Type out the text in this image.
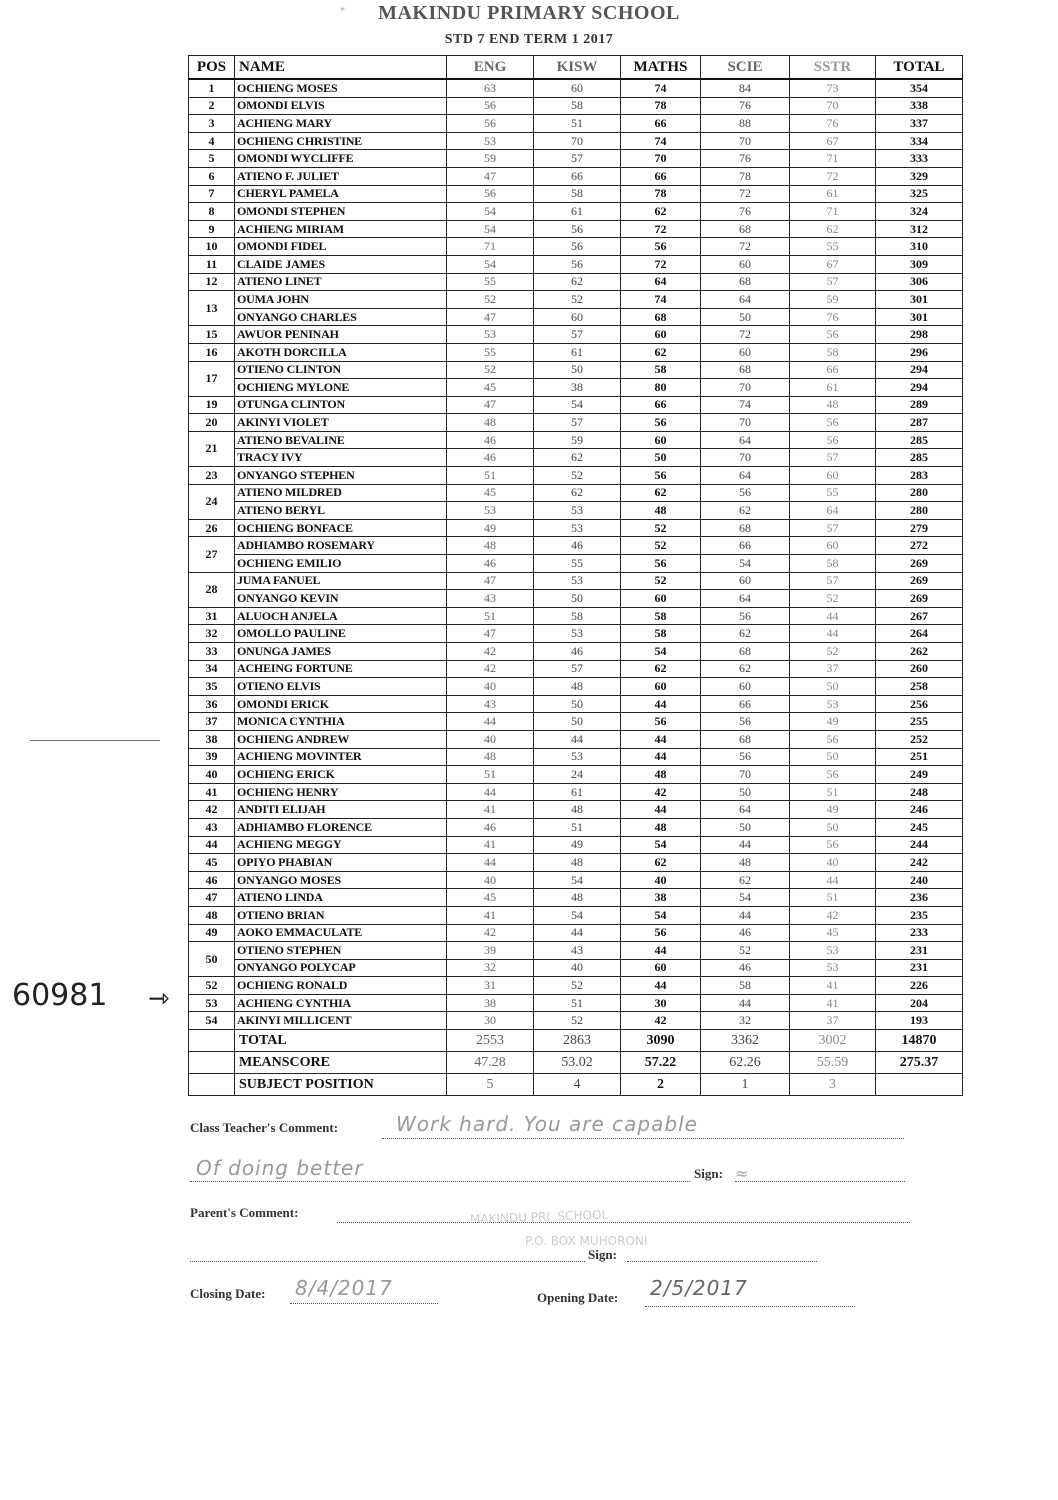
*	MAKINDU PRIMARY SCHOOL
STD 7 END TERM 1 2017
POS	NAME	ENG	KISW	MATHS	SCIE	SSTR	TOTAL
1	OCHIENG MOSES	63	60	74	84	73	354
2	OMONDI ELVIS	56	58	78	76	70	338
3	ACHIENG MARY	56	51	66	88	76	337
4	OCHIENG CHRISTINE	53	70	74	70	67	334
5	OMONDI WYCLIFFE	59	57	70	76	71	333
6	ATIENO F. JULIET	47	66	66	78	72	329
7	CHERYL PAMELA	56	58	78	72	61	325
8	OMONDI STEPHEN	54	61	62	76	71	324
9	ACHIENG MIRIAM	54	56	72	68	62	312
10	OMONDI FIDEL	71	56	56	72	55	310
11	CLAIDE JAMES	54	56	72	60	67	309
12	ATIENO LINET	55	62	64	68	57	306
13	OUMA JOHN	52	52	74	64	59	301
	ONYANGO CHARLES	47	60	68	50	76	301
15	AWUOR PENINAH	53	57	60	72	56	298
16	AKOTH DORCILLA	55	61	62	60	58	296
17	OTIENO CLINTON	52	50	58	68	66	294
	OCHIENG MYLONE	45	38	80	70	61	294
19	OTUNGA CLINTON	47	54	66	74	48	289
20	AKINYI VIOLET	48	57	56	70	56	287
21	ATIENO BEVALINE	46	59	60	64	56	285
	TRACY IVY	46	62	50	70	57	285
23	ONYANGO STEPHEN	51	52	56	64	60	283
24	ATIENO MILDRED	45	62	62	56	55	280
	ATIENO BERYL	53	53	48	62	64	280
26	OCHIENG BONFACE	49	53	52	68	57	279
27	ADHIAMBO ROSEMARY	48	46	52	66	60	272
	OCHIENG EMILIO	46	55	56	54	58	269
28	JUMA FANUEL	47	53	52	60	57	269
	ONYANGO KEVIN	43	50	60	64	52	269
31	ALUOCH ANJELA	51	58	58	56	44	267
32	OMOLLO PAULINE	47	53	58	62	44	264
33	ONUNGA JAMES	42	46	54	68	52	262
34	ACHEING FORTUNE	42	57	62	62	37	260
35	OTIENO ELVIS	40	48	60	60	50	258
36	OMONDI ERICK	43	50	44	66	53	256
37	MONICA CYNTHIA	44	50	56	56	49	255
38	OCHIENG ANDREW	40	44	44	68	56	252
39	ACHIENG MOVINTER	48	53	44	56	50	251
40	OCHIENG ERICK	51	24	48	70	56	249
41	OCHIENG HENRY	44	61	42	50	51	248
42	ANDITI ELIJAH	41	48	44	64	49	246
43	ADHIAMBO FLORENCE	46	51	48	50	50	245
44	ACHIENG MEGGY	41	49	54	44	56	244
45	OPIYO PHABIAN	44	48	62	48	40	242
46	ONYANGO MOSES	40	54	40	62	44	240
47	ATIENO LINDA	45	48	38	54	51	236
48	OTIENO BRIAN	41	54	54	44	42	235
49	AOKO EMMACULATE	42	44	56	46	45	233
50	OTIENO STEPHEN	39	43	44	52	53	231
	ONYANGO POLYCAP	32	40	60	46	53	231
52	OCHIENG RONALD	31	52	44	58	41	226
53	ACHIENG CYNTHIA	38	51	30	44	41	204
54	AKINYI MILLICENT	30	52	42	32	37	193
	TOTAL	2553	2863	3090	3362	3002	14870
	MEANSCORE	47.28	53.02	57.22	62.26	55.59	275.37
	SUBJECT POSITION	5	4	2	1	3	
60981 ⇾
Class Teacher's Comment:	Work hard. You are capable
Of doing better	Sign: ≈
Parent's Comment:	MAKINDU PRI. SCHOOL
P.O. BOX MUHORONI
Sign:
Closing Date: 8/4/2017	Opening Date: 2/5/2017
